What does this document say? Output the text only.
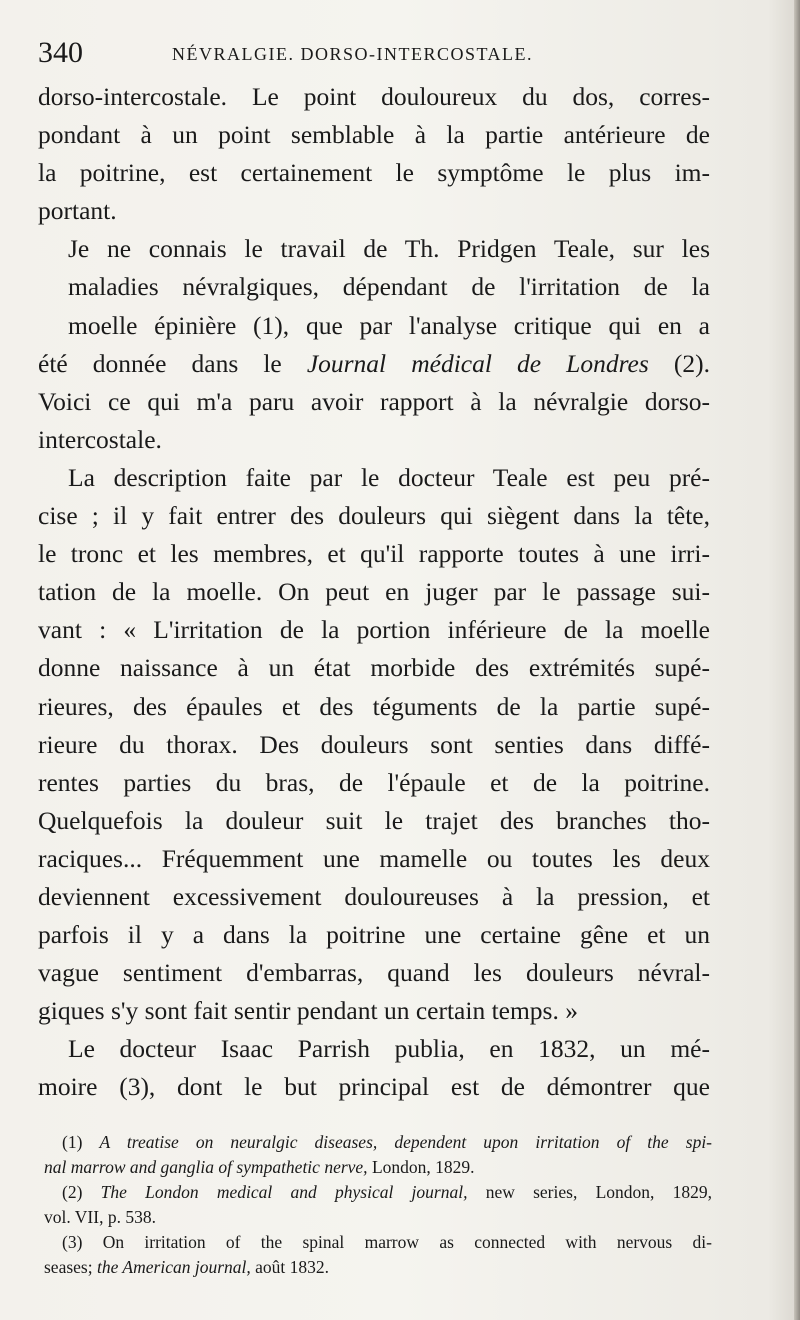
340	NÉVRALGIE. DORSO-INTERCOSTALE.
dorso-intercostale. Le point douloureux du dos, corres-
pondant à un point semblable à la partie antérieure de
la poitrine, est certainement le symptôme le plus im-
portant.
Je ne connais le travail de Th. Pridgen Teale, sur les
maladies névralgiques, dépendant de l'irritation de la
moelle épinière (1), que par l'analyse critique qui en a
été donnée dans le Journal médical de Londres (2).
Voici ce qui m'a paru avoir rapport à la névralgie dorso-
intercostale.
La description faite par le docteur Teale est peu pré-
cise ; il y fait entrer des douleurs qui siègent dans la tête,
le tronc et les membres, et qu'il rapporte toutes à une irri-
tation de la moelle. On peut en juger par le passage sui-
vant : « L'irritation de la portion inférieure de la moelle
donne naissance à un état morbide des extrémités supé-
rieures, des épaules et des téguments de la partie supé-
rieure du thorax. Des douleurs sont senties dans diffé-
rentes parties du bras, de l'épaule et de la poitrine.
Quelquefois la douleur suit le trajet des branches tho-
raciques... Fréquemment une mamelle ou toutes les deux
deviennent excessivement douloureuses à la pression, et
parfois il y a dans la poitrine une certaine gêne et un
vague sentiment d'embarras, quand les douleurs névral-
giques s'y sont fait sentir pendant un certain temps. »
Le docteur Isaac Parrish publia, en 1832, un mé-
moire (3), dont le but principal est de démontrer que
(1) A treatise on neuralgic diseases, dependent upon irritation of the spi-
nal marrow and ganglia of sympathetic nerve, London, 1829.
(2) The London medical and physical journal, new series, London, 1829,
vol. VII, p. 538.
(3) On irritation of the spinal marrow as connected with nervous di-
seases; the American journal, août 1832.
